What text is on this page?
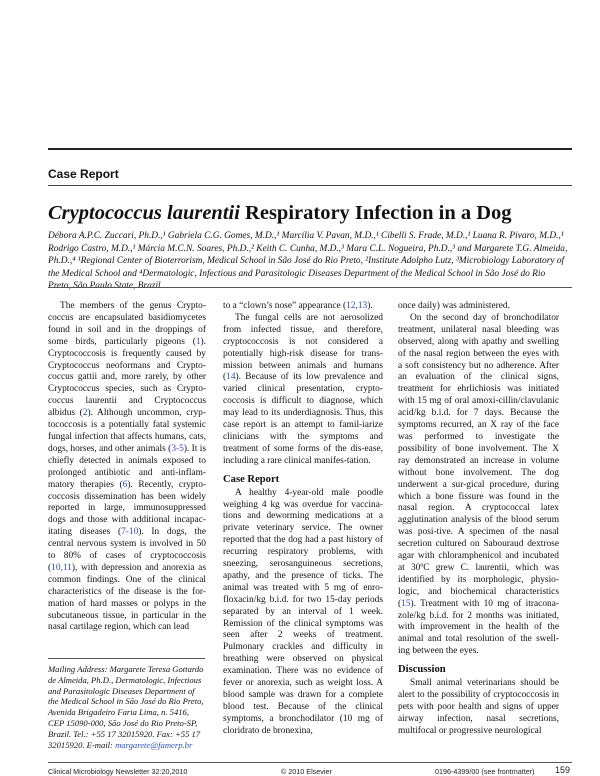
Case Report
Cryptococcus laurentii Respiratory Infection in a Dog
Débora A.P.C. Zuccari, Ph.D.,¹ Gabriela C.G. Gomes, M.D.,¹ Marcília V. Pavan, M.D.,¹ Cibelli S. Frade, M.D.,¹ Luana R. Pivaro, M.D.,¹ Rodrigo Castro, M.D.,¹ Márcia M.C.N. Soares, Ph.D.,² Keith C. Cunha, M.D.,³ Mara C.L. Nogueira, Ph.D.,³ and Margarete T.G. Almeida, Ph.D.,⁴ ¹Regional Center of Bioterrorism, Medical School in São José do Rio Preto, ²Institute Adolpho Lutz, ³Microbiology Laboratory of the Medical School and ⁴Dermatologic, Infectious and Parasitologic Diseases Department of the Medical School in São José do Rio

The members of the genus Crypto-coccus are encapsulated basidiomycetes found in soil and in the droppings of some birds, particularly pigeons (1). Cryptococcosis is frequently caused by Cryptococcus neoformans and Crypto-coccus gattii and, more rarely, by other Cryptococcus species, such as Crypto-coccus laurentii and Cryptococcus albidus (2). Although uncommon, cryp-tococcosis is a potentially fatal systemic fungal infection that affects humans, cats, dogs, horses, and other animals (3-5). It is chiefly detected in animals exposed to prolonged antibiotic and anti-inflam-matory therapies (6). Recently, crypto-coccosis dissemination has been widely reported in large, immunosuppressed dogs and those with additional incapac-itating diseases (7-10). In dogs, the central nervous system is involved in 50 to 80% of cases of cryptococcosis (10,11), with depression and anorexia as common findings. One of the clinical characteristics of the disease is the for-mation of hard masses or polyps in the subcutaneous tissue, in particular in the nasal cartilage region, which can lead

Mailing Address: Margarete Teresa Gottardo de Almeida, Ph.D., Dermatologic, Infectious and Parasitologic Diseases Department of the Medical School in São José do Rio Preto, Avenida Brigadeiro Faria Lima, n. 5416, CEP 15090-000, São José do Rio Preto-SP, Brazil. Tel.: +55 17 32015920. Fax: +55 17 32015920. E-mail: margarete@famerp.br

to a “clown’s nose” appearance (12,13).

The fungal cells are not aerosolized from infected tissue, and therefore, cryptococcosis is not considered a potentially high-risk disease for trans-mission between animals and humans (14). Because of its low prevalence and varied clinical presentation, crypto-coccosis is difficult to diagnose, which may lead to its underdiagnosis. Thus, this case report is an attempt to famil-iarize clinicians with the symptoms and treatment of some forms of the dis-ease, including a rare clinical manifes-tation.

Case Report

A healthy 4-year-old male poodle weighing 4 kg was overdue for vaccina-tions and deworming medications at a private veterinary service. The owner reported that the dog had a past history of recurring respiratory problems, with sneezing, serosanguineous secretions, apathy, and the presence of ticks. The animal was treated with 5 mg of enro-floxacin/kg b.i.d. for two 15-day periods separated by an interval of 1 week. Remission of the clinical symptoms was seen after 2 weeks of treatment. Pulmonary crackles and difficulty in breathing were observed on physical examination. There was no evidence of fever or anorexia, such as weight loss. A blood sample was drawn for a complete blood test. Because of the clinical symptoms, a bronchodilator (10 mg of cloridrato de bronexina,

once daily) was administered.

On the second day of bronchodilator treatment, unilateral nasal bleeding was observed, along with apathy and swelling of the nasal region between the eyes with a soft consistency but no adherence. After an evaluation of the clinical signs, treatment for ehrlichiosis was initiated with 15 mg of oral amoxi-cillin/clavulanic acid/kg b.i.d. for 7 days. Because the symptoms recurred, an X ray of the face was performed to investigate the possibility of bone involvement. The X ray demonstrated an increase in volume without bone involvement. The dog underwent a sur-gical procedure, during which a bone fissure was found in the nasal region. A cryptococcal latex agglutination analysis of the blood serum was posi-tive. A specimen of the nasal secretion cultured on Sabouraud dextrose agar with chloramphenicol and incubated at 30ºC grew C. laurentii, which was identified by its morphologic, physio-logic, and biochemical characteristics (15). Treatment with 10 mg of itracona-zole/kg b.i.d. for 2 months was initiated, with improvement in the health of the animal and total resolution of the swell-ing between the eyes.

Discussion

Small animal veterinarians should be alert to the possibility of cryptococcosis in pets with poor health and signs of upper airway infection, nasal secretions, multifocal or progressive neurological

Clinical Microbiology Newsletter 32:20,2010	© 2010 Elsevier	0196-4399/00 (see frontmatter) 159
